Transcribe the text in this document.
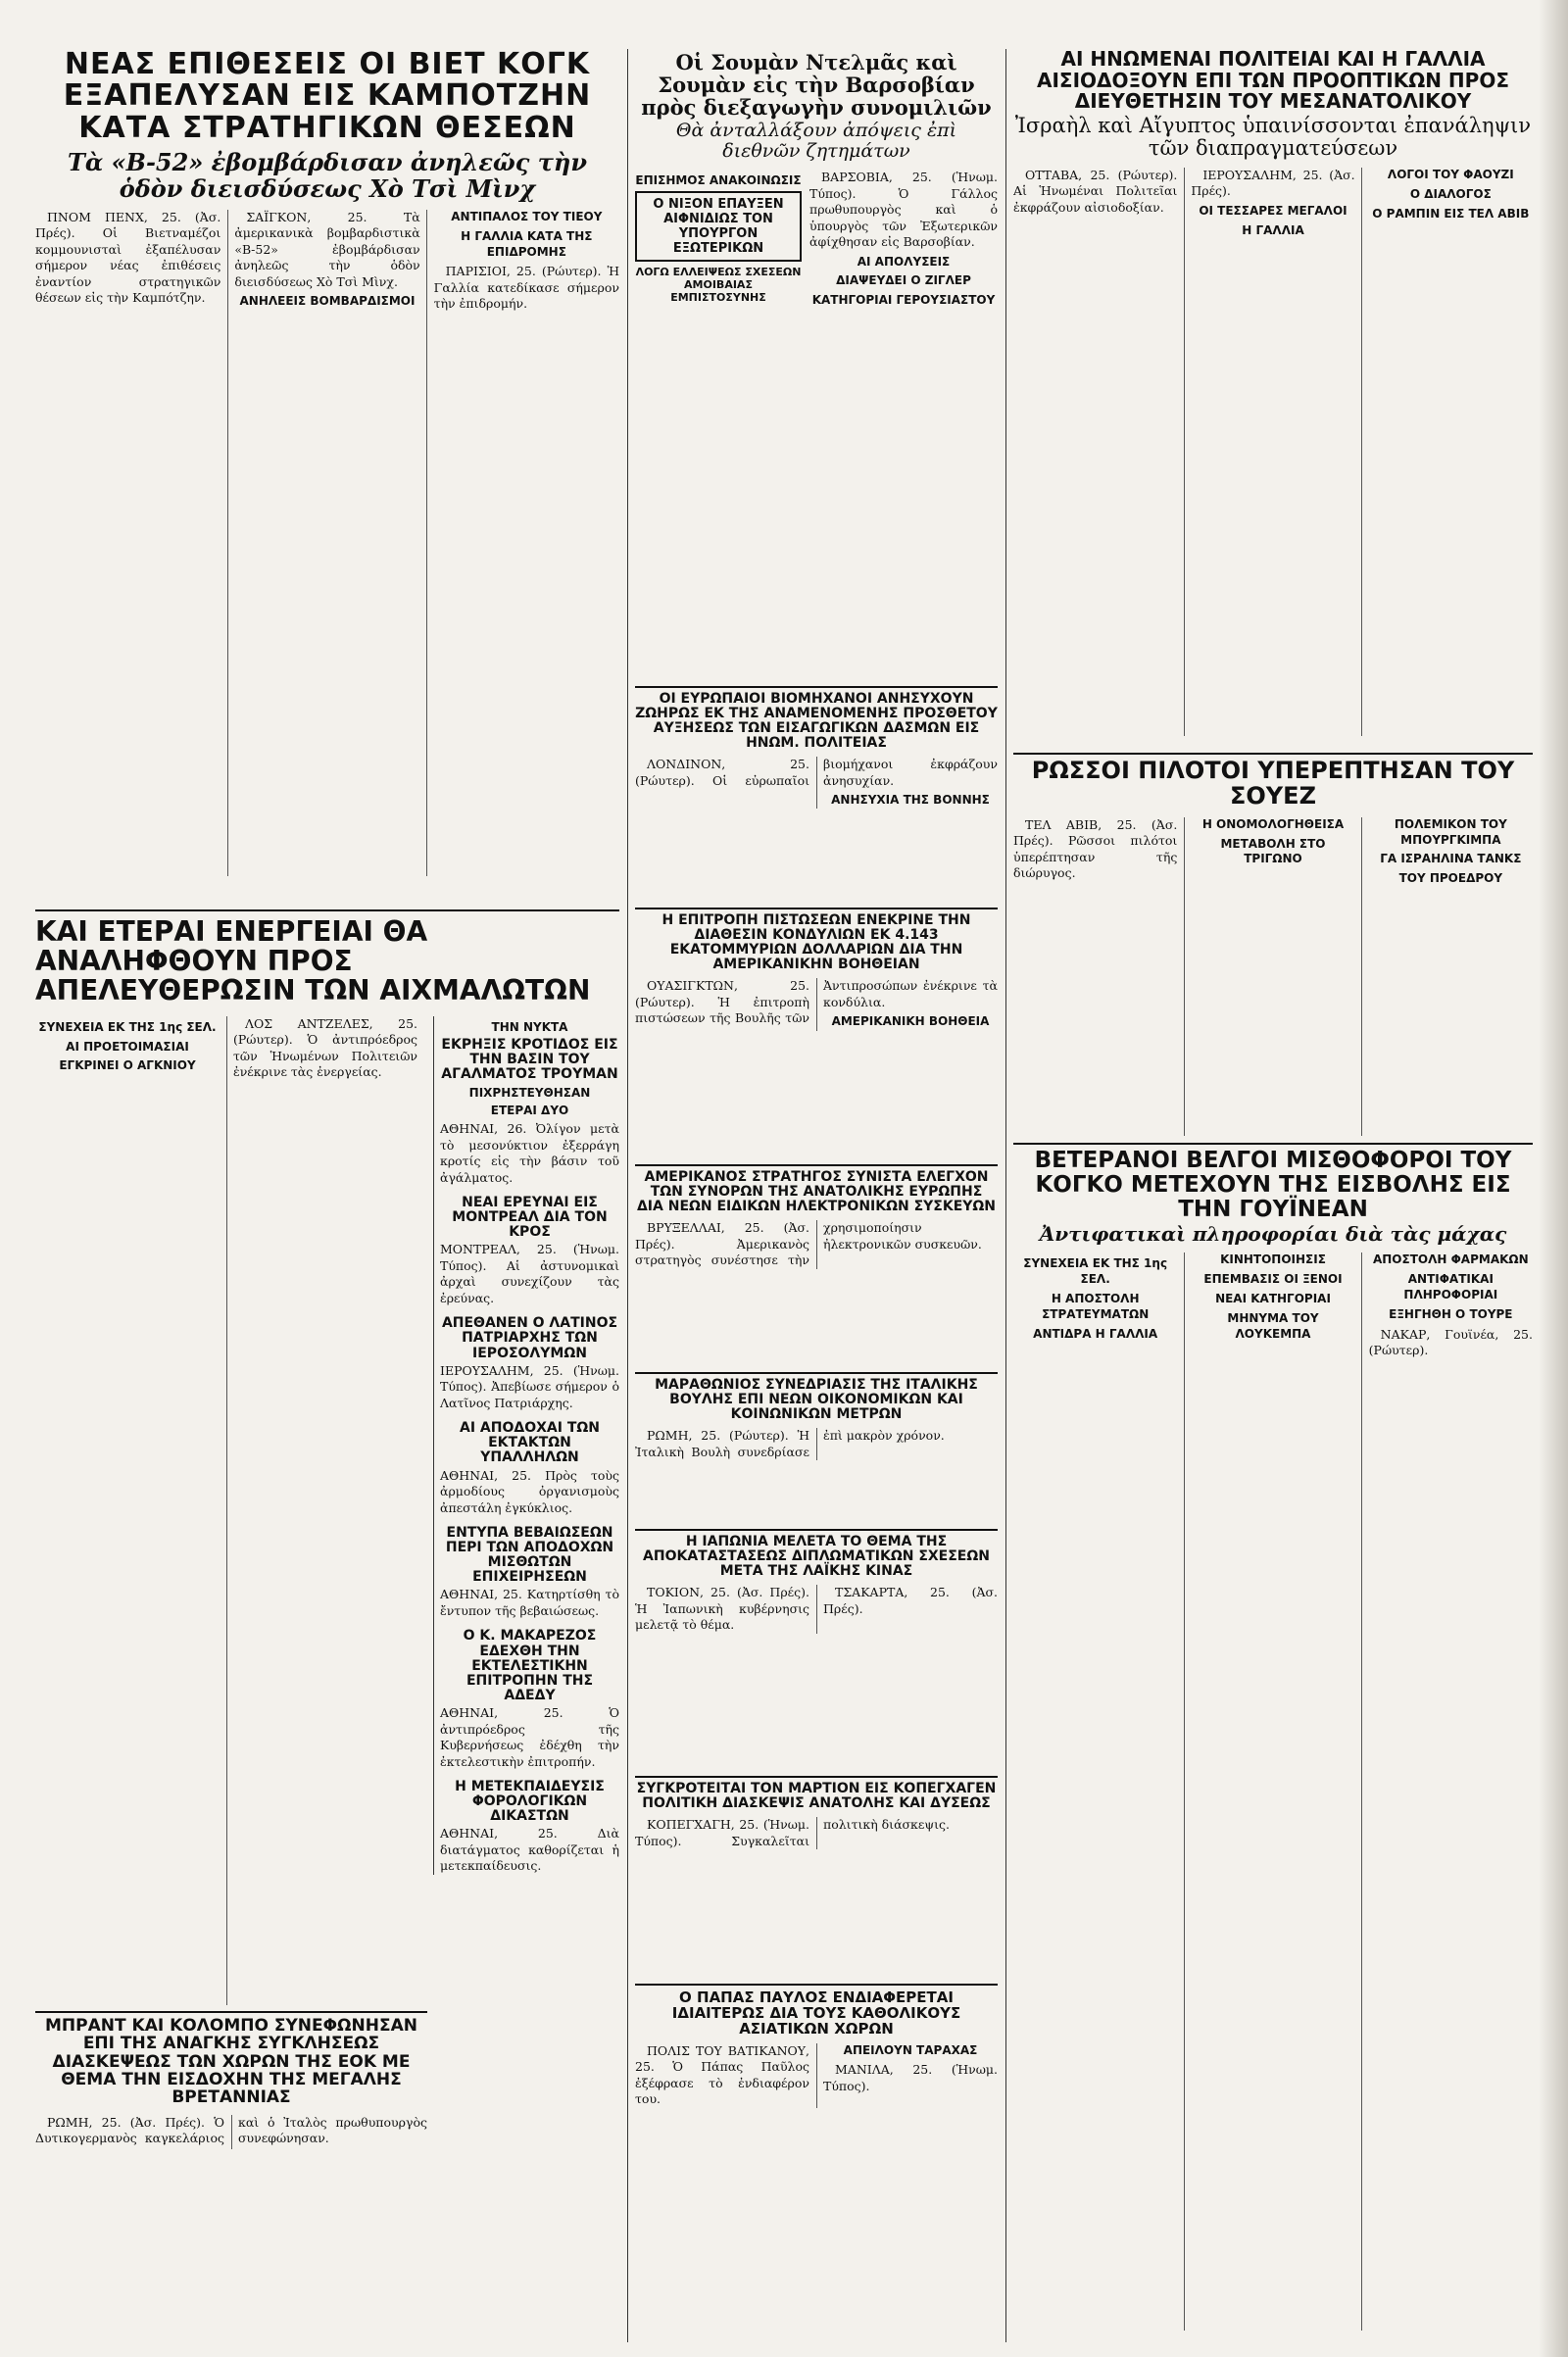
ΝΕΑΣ ΕΠΙΘΕΣΕΙΣ ΟΙ ΒΙΕΤ ΚΟΓΚ ΕΞΑΠΕΛΥΣΑΝ ΕΙΣ ΚΑΜΠΟΤΖΗΝ ΚΑΤΑ ΣΤΡΑΤΗΓΙΚΩΝ ΘΕΣΕΩΝ
Τὰ «Β-52» ἐβομβάρδισαν ἀνηλεῶς τὴν ὁδὸν διεισδύσεως Χὸ Τσὶ Μὶνχ

ΠΝΟΜ ΠΕΝΧ, 25. (Ἀσ. Πρές). Οἱ Βιετναμέζοι κομμουνισταὶ ἐξαπέλυσαν σήμερον νέας ἐπιθέσεις ἐναντίον στρατηγικῶν θέσεων εἰς τὴν Καμπότζην.

ΣΑΪΓΚΟΝ, 25. Τὰ ἀμερικανικὰ βομβαρδιστικὰ «Β-52» ἐβομβάρδισαν ἀνηλεῶς τὴν ὁδὸν διεισδύσεως Χὸ Τσὶ Μὶνχ.

ΑΝΗΛΕΕΙΣ ΒΟΜΒΑΡΔΙΣΜΟΙ
ΑΝΤΙΠΑΛΟΣ ΤΟΥ ΤΙΕΟΥ
Η ΓΑΛΛΙΑ ΚΑΤΑ ΤΗΣ ΕΠΙΔΡΟΜΗΣ

ΠΑΡΙΣΙΟΙ, 25. (Ρώυτερ). Ἡ Γαλλία κατεδίκασε σήμερον τὴν ἐπιδρομήν.

ΚΑΙ ΕΤΕΡΑΙ ΕΝΕΡΓΕΙΑΙ ΘΑ ΑΝΑΛΗΦΘΟΥΝ ΠΡΟΣ ΑΠΕΛΕΥΘΕΡΩΣΙΝ ΤΩΝ ΑΙΧΜΑΛΩΤΩΝ
ΣΥΝΕΧΕΙΑ ΕΚ ΤΗΣ 1ης ΣΕΛ.
ΑΙ ΠΡΟΕΤΟΙΜΑΣΙΑΙ
ΕΓΚΡΙΝΕΙ Ο ΑΓΚΝΙΟΥ

ΛΟΣ ΑΝΤΖΕΛΕΣ, 25. (Ρώυτερ). Ὁ ἀντιπρόεδρος τῶν Ἡνωμένων Πολιτειῶν ἐνέκρινε τὰς ἐνεργείας.

ΤΗΝ ΝΥΚΤΑ
ΕΚΡΗΞΙΣ ΚΡΟΤΙΔΟΣ ΕΙΣ ΤΗΝ ΒΑΣΙΝ ΤΟΥ ΑΓΑΛΜΑΤΟΣ ΤΡΟΥΜΑΝ
ΠΙΧΡΗΣΤΕΥΘΗΣΑΝ
ΕΤΕΡΑΙ ΔΥΟ

ΑΘΗΝΑΙ, 26. Ὀλίγον μετὰ τὸ μεσονύκτιον ἐξερράγη κροτίς εἰς τὴν βάσιν τοῦ ἀγάλματος.

ΝΕΑΙ ΕΡΕΥΝΑΙ ΕΙΣ ΜΟΝΤΡΕΑΛ ΔΙΑ ΤΟΝ ΚΡΟΣ

ΜΟΝΤΡΕΑΛ, 25. (Ἡνωμ. Τύπος). Αἱ ἀστυνομικαὶ ἀρχαὶ συνεχίζουν τὰς ἐρεύνας.

ΑΠΕΘΑΝΕΝ Ο ΛΑΤΙΝΟΣ ΠΑΤΡΙΑΡΧΗΣ ΤΩΝ ΙΕΡΟΣΟΛΥΜΩΝ

ΙΕΡΟΥΣΑΛΗΜ, 25. (Ἡνωμ. Τύπος). Ἀπεβίωσε σήμερον ὁ Λατῖνος Πατριάρχης.

ΑΙ ΑΠΟΔΟΧΑΙ ΤΩΝ ΕΚΤΑΚΤΩΝ ΥΠΑΛΛΗΛΩΝ

ΑΘΗΝΑΙ, 25. Πρὸς τοὺς ἀρμοδίους ὀργανισμοὺς ἀπεστάλη ἐγκύκλιος.

ΕΝΤΥΠΑ ΒΕΒΑΙΩΣΕΩΝ ΠΕΡΙ ΤΩΝ ΑΠΟΔΟΧΩΝ ΜΙΣΘΩΤΩΝ ΕΠΙΧΕΙΡΗΣΕΩΝ

ΑΘΗΝΑΙ, 25. Κατηρτίσθη τὸ ἔντυπον τῆς βεβαιώσεως.

Ο Κ. ΜΑΚΑΡΕΖΟΣ ΕΔΕΧΘΗ ΤΗΝ ΕΚΤΕΛΕΣΤΙΚΗΝ ΕΠΙΤΡΟΠΗΝ ΤΗΣ ΑΔΕΔΥ

ΑΘΗΝΑΙ, 25. Ὁ ἀντιπρόεδρος τῆς Κυβερνήσεως ἐδέχθη τὴν ἐκτελεστικὴν ἐπιτροπήν.

Η ΜΕΤΕΚΠΑΙΔΕΥΣΙΣ ΦΟΡΟΛΟΓΙΚΩΝ ΔΙΚΑΣΤΩΝ

ΑΘΗΝΑΙ, 25. Διὰ διατάγματος καθορίζεται ἡ μετεκπαίδευσις.

ΜΠΡΑΝΤ ΚΑΙ ΚΟΛΟΜΠΟ ΣΥΝΕΦΩΝΗΣΑΝ ΕΠΙ ΤΗΣ ΑΝΑΓΚΗΣ ΣΥΓΚΛΗΣΕΩΣ ΔΙΑΣΚΕΨΕΩΣ ΤΩΝ ΧΩΡΩΝ ΤΗΣ ΕΟΚ ΜΕ ΘΕΜΑ ΤΗΝ ΕΙΣΔΟΧΗΝ ΤΗΣ ΜΕΓΑΛΗΣ ΒΡΕΤΑΝΝΙΑΣ

ΡΩΜΗ, 25. (Ἀσ. Πρές). Ὁ Δυτικογερμανὸς καγκελάριος καὶ ὁ Ἰταλὸς πρωθυπουργὸς συνεφώνησαν.

Οἱ Σουμὰν Ντελμᾶς καὶ Σουμὰν εἰς τὴν Βαρσοβίαν πρὸς διεξαγωγὴν συνομιλιῶν
Θὰ ἀνταλλάξουν ἀπόψεις ἐπὶ διεθνῶν ζητημάτων
ΕΠΙΣΗΜΟΣ ΑΝΑΚΟΙΝΩΣΙΣ
Ο ΝΙΞΟΝ ΕΠΑΥΞΕΝ ΑΙΦΝΙΔΙΩΣ ΤΟΝ ΥΠΟΥΡΓΟΝ ΕΞΩΤΕΡΙΚΩΝ
ΛΟΓΩ ΕΛΛΕΙΨΕΩΣ ΣΧΕΣΕΩΝ ΑΜΟΙΒΑΙΑΣ ΕΜΠΙΣΤΟΣΥΝΗΣ

ΒΑΡΣΟΒΙΑ, 25. (Ἡνωμ. Τύπος). Ὁ Γάλλος πρωθυπουργὸς καὶ ὁ ὑπουργὸς τῶν Ἐξωτερικῶν ἀφίχθησαν εἰς Βαρσοβίαν.

ΑΙ ΑΠΟΛΥΣΕΙΣ
ΔΙΑΨΕΥΔΕΙ Ο ΖΙΓΛΕΡ
ΚΑΤΗΓΟΡΙΑΙ ΓΕΡΟΥΣΙΑΣΤΟΥ
ΟΙ ΕΥΡΩΠΑΙΟΙ ΒΙΟΜΗΧΑΝΟΙ ΑΝΗΣΥΧΟΥΝ ΖΩΗΡΩΣ ΕΚ ΤΗΣ ΑΝΑΜΕΝΟΜΕΝΗΣ ΠΡΟΣΘΕΤΟΥ ΑΥΞΗΣΕΩΣ ΤΩΝ ΕΙΣΑΓΩΓΙΚΩΝ ΔΑΣΜΩΝ ΕΙΣ ΗΝΩΜ. ΠΟΛΙΤΕΙΑΣ

ΛΟΝΔΙΝΟΝ, 25. (Ρώυτερ). Οἱ εὐρωπαῖοι βιομήχανοι ἐκφράζουν ἀνησυχίαν.

ΑΝΗΣΥΧΙΑ ΤΗΣ ΒΟΝΝΗΣ
Η ΕΠΙΤΡΟΠΗ ΠΙΣΤΩΣΕΩΝ ΕΝΕΚΡΙΝΕ ΤΗΝ ΔΙΑΘΕΣΙΝ ΚΟΝΔΥΛΙΩΝ ΕΚ 4.143 ΕΚΑΤΟΜΜΥΡΙΩΝ ΔΟΛΛΑΡΙΩΝ ΔΙΑ ΤΗΝ ΑΜΕΡΙΚΑΝΙΚΗΝ ΒΟΗΘΕΙΑΝ

ΟΥΑΣΙΓΚΤΩΝ, 25. (Ρώυτερ). Ἡ ἐπιτροπὴ πιστώσεων τῆς Βουλῆς τῶν Ἀντιπροσώπων ἐνέκρινε τὰ κονδύλια.

ΑΜΕΡΙΚΑΝΙΚΗ ΒΟΗΘΕΙΑ
ΑΜΕΡΙΚΑΝΟΣ ΣΤΡΑΤΗΓΟΣ ΣΥΝΙΣΤΑ ΕΛΕΓΧΟΝ ΤΩΝ ΣΥΝΟΡΩΝ ΤΗΣ ΑΝΑΤΟΛΙΚΗΣ ΕΥΡΩΠΗΣ ΔΙΑ ΝΕΩΝ ΕΙΔΙΚΩΝ ΗΛΕΚΤΡΟΝΙΚΩΝ ΣΥΣΚΕΥΩΝ

ΒΡΥΞΕΛΛΑΙ, 25. (Ἀσ. Πρές). Ἀμερικανὸς στρατηγὸς συνέστησε τὴν χρησιμοποίησιν ἠλεκτρονικῶν συσκευῶν.

ΜΑΡΑΘΩΝΙΟΣ ΣΥΝΕΔΡΙΑΣΙΣ ΤΗΣ ΙΤΑΛΙΚΗΣ ΒΟΥΛΗΣ ΕΠΙ ΝΕΩΝ ΟΙΚΟΝΟΜΙΚΩΝ ΚΑΙ ΚΟΙΝΩΝΙΚΩΝ ΜΕΤΡΩΝ

ΡΩΜΗ, 25. (Ρώυτερ). Ἡ Ἰταλικὴ Βουλὴ συνεδρίασε ἐπὶ μακρὸν χρόνον.

Η ΙΑΠΩΝΙΑ ΜΕΛΕΤΑ ΤΟ ΘΕΜΑ ΤΗΣ ΑΠΟΚΑΤΑΣΤΑΣΕΩΣ ΔΙΠΛΩΜΑΤΙΚΩΝ ΣΧΕΣΕΩΝ ΜΕΤΑ ΤΗΣ ΛΑΪΚΗΣ ΚΙΝΑΣ

ΤΟΚΙΟΝ, 25. (Ἀσ. Πρές). Ἡ Ἰαπωνικὴ κυβέρνησις μελετᾷ τὸ θέμα.

ΤΣΑΚΑΡΤΑ, 25. (Ἀσ. Πρές).

ΣΥΓΚΡΟΤΕΙΤΑΙ ΤΟΝ ΜΑΡΤΙΟΝ ΕΙΣ ΚΟΠΕΓΧΑΓΕΝ ΠΟΛΙΤΙΚΗ ΔΙΑΣΚΕΨΙΣ ΑΝΑΤΟΛΗΣ ΚΑΙ ΔΥΣΕΩΣ

ΚΟΠΕΓΧΑΓΗ, 25. (Ἡνωμ. Τύπος). Συγκαλεῖται πολιτικὴ διάσκεψις.

Ο ΠΑΠΑΣ ΠΑΥΛΟΣ ΕΝΔΙΑΦΕΡΕΤΑΙ ΙΔΙΑΙΤΕΡΩΣ ΔΙΑ ΤΟΥΣ ΚΑΘΟΛΙΚΟΥΣ ΑΣΙΑΤΙΚΩΝ ΧΩΡΩΝ

ΠΟΛΙΣ ΤΟΥ ΒΑΤΙΚΑΝΟΥ, 25. Ὁ Πάπας Παῦλος ἐξέφρασε τὸ ἐνδιαφέρον του.

ΑΠΕΙΛΟΥΝ ΤΑΡΑΧΑΣ

ΜΑΝΙΛΑ, 25. (Ἡνωμ. Τύπος).

ΑΙ ΗΝΩΜΕΝΑΙ ΠΟΛΙΤΕΙΑΙ ΚΑΙ Η ΓΑΛΛΙΑ ΑΙΣΙΟΔΟΞΟΥΝ ΕΠΙ ΤΩΝ ΠΡΟΟΠΤΙΚΩΝ ΠΡΟΣ ΔΙΕΥΘΕΤΗΣΙΝ ΤΟΥ ΜΕΣΑΝΑΤΟΛΙΚΟΥ
Ἰσραὴλ καὶ Αἴγυπτος ὑπαινίσσονται ἐπανάληψιν τῶν διαπραγματεύσεων

ΟΤΤΑΒΑ, 25. (Ρώυτερ). Αἱ Ἡνωμέναι Πολιτεῖαι ἐκφράζουν αἰσιοδοξίαν.

ΙΕΡΟΥΣΑΛΗΜ, 25. (Ἀσ. Πρές).

ΟΙ ΤΕΣΣΑΡΕΣ ΜΕΓΑΛΟΙ
Η ΓΑΛΛΙΑ
ΛΟΓΟΙ ΤΟΥ ΦΑΟΥΖΙ
Ο ΔΙΑΛΟΓΟΣ
Ο ΡΑΜΠΙΝ ΕΙΣ ΤΕΛ ΑΒΙΒ
ΡΩΣΣΟΙ ΠΙΛΟΤΟΙ ΥΠΕΡΕΠΤΗΣΑΝ ΤΟΥ ΣΟΥΕΖ

ΤΕΛ ΑΒΙΒ, 25. (Ἀσ. Πρές). Ρῶσσοι πιλότοι ὑπερέπτησαν τῆς διώρυγος.

Η ΟΝΟΜΟΛΟΓΗΘΕΙΣΑ
ΜΕΤΑΒΟΛΗ ΣΤΟ ΤΡΙΓΩΝΟ
ΠΟΛΕΜΙΚΟΝ ΤΟΥ ΜΠΟΥΡΓΚΙΜΠΑ
ΓΑ ΙΣΡΑΗΛΙΝΑ ΤΑΝΚΣ
ΤΟΥ ΠΡΟΕΔΡΟΥ
ΒΕΤΕΡΑΝΟΙ ΒΕΛΓΟΙ ΜΙΣΘΟΦΟΡΟΙ ΤΟΥ ΚΟΓΚΟ ΜΕΤΕΧΟΥΝ ΤΗΣ ΕΙΣΒΟΛΗΣ ΕΙΣ ΤΗΝ ΓΟΥΪΝΕΑΝ
Ἀντιφατικαὶ πληροφορίαι διὰ τὰς μάχας
ΣΥΝΕΧΕΙΑ ΕΚ ΤΗΣ 1ης ΣΕΛ.
Η ΑΠΟΣΤΟΛΗ ΣΤΡΑΤΕΥΜΑΤΩΝ
ΑΝΤΙΔΡΑ Η ΓΑΛΛΙΑ
ΚΙΝΗΤΟΠΟΙΗΣΙΣ
ΕΠΕΜΒΑΣΙΣ ΟΙ ΞΕΝΟΙ
ΝΕΑΙ ΚΑΤΗΓΟΡΙΑΙ
ΜΗΝΥΜΑ ΤΟΥ ΛΟΥΚΕΜΠΑ
ΑΠΟΣΤΟΛΗ ΦΑΡΜΑΚΩΝ
ΑΝΤΙΦΑΤΙΚΑΙ ΠΛΗΡΟΦΟΡΙΑΙ
ΕΞΗΓΗΘΗ Ο ΤΟΥΡΕ

ΝΑΚΑΡ, Γουϊνέα, 25. (Ρώυτερ).
